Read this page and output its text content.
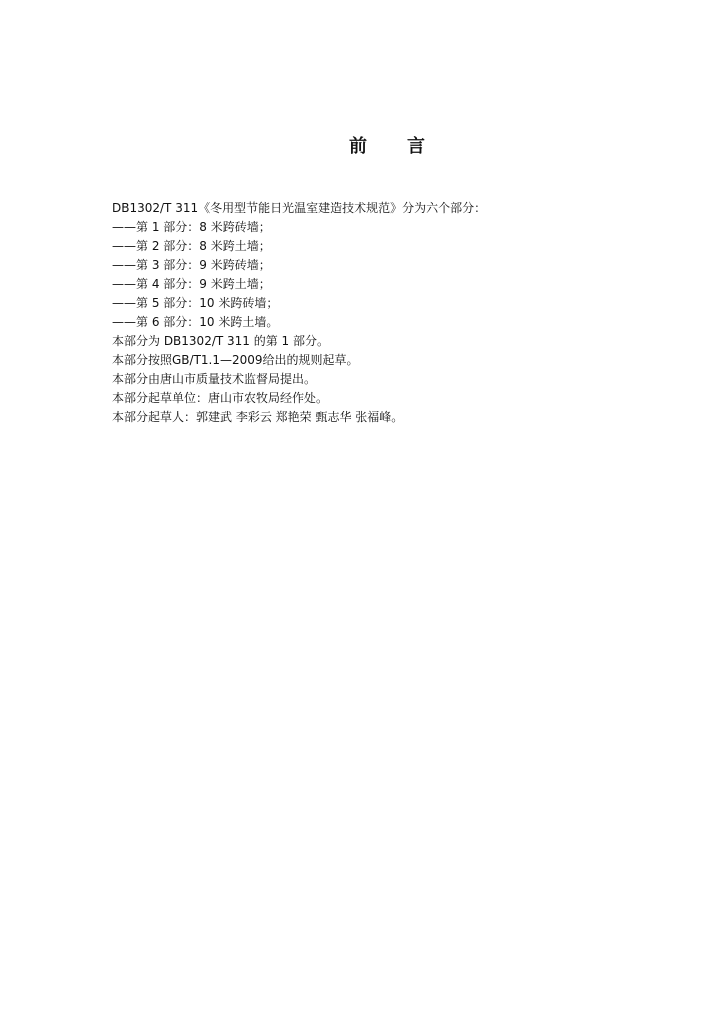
前 言
DB1302/T 311《冬用型节能日光温室建造技术规范》分为六个部分：
——第 1 部分：8 米跨砖墙；
——第 2 部分：8 米跨土墙；
——第 3 部分：9 米跨砖墙；
——第 4 部分：9 米跨土墙；
——第 5 部分：10 米跨砖墙；
——第 6 部分：10 米跨土墙。
本部分为 DB1302/T 311 的第 1 部分。
本部分按照GB/T1.1—2009给出的规则起草。
本部分由唐山市质量技术监督局提出。
本部分起草单位：唐山市农牧局经作处。
本部分起草人：郭建武 李彩云 郑艳荣 甄志华 张福峰。
